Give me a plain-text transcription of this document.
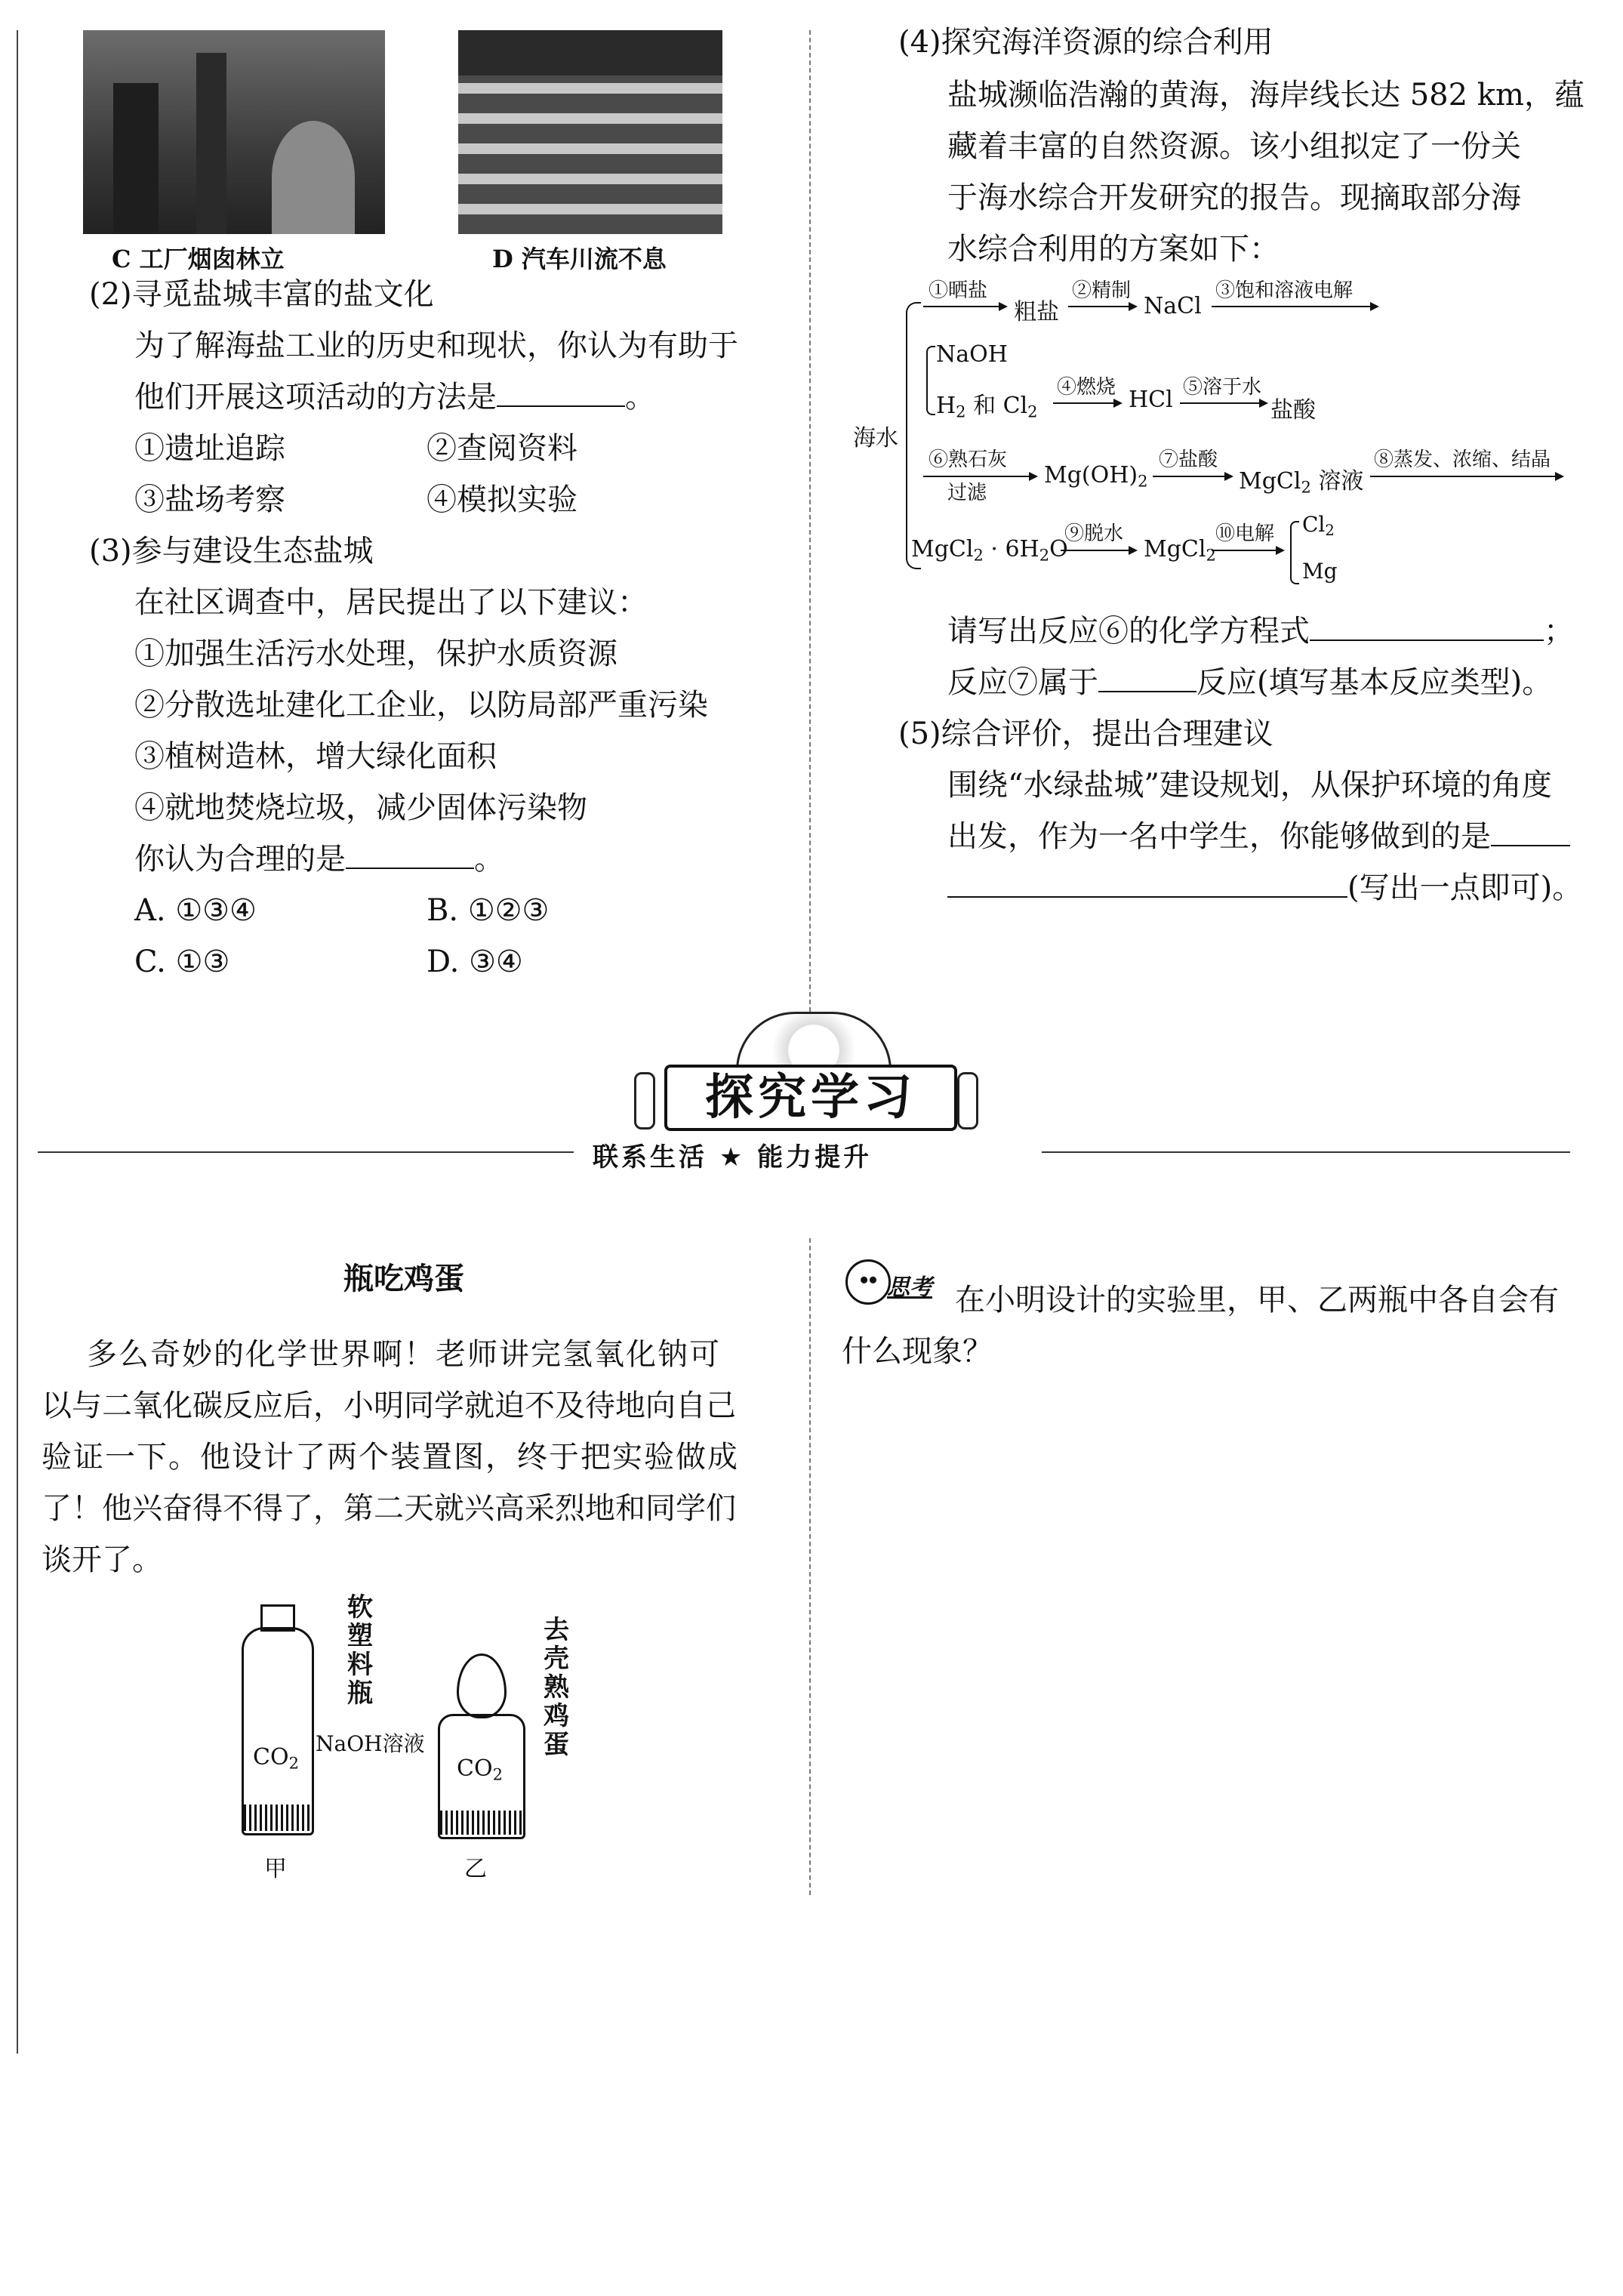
C 工厂烟囱林立	D 汽车川流不息
(2)寻觅盐城丰富的盐文化
为了解海盐工业的历史和现状，你认为有助于
他们开展这项活动的方法是	。
①遗址追踪	②查阅资料
③盐场考察	④模拟实验
(3)参与建设生态盐城
在社区调查中，居民提出了以下建议：
①加强生活污水处理，保护水质资源
②分散选址建化工企业，以防局部严重污染
③植树造林，增大绿化面积
④就地焚烧垃圾，减少固体污染物
你认为合理的是	。
A. ①③④	B. ①②③
C. ①③	D. ③④
(4)探究海洋资源的综合利用
盐城濒临浩瀚的黄海，海岸线长达 582 km，蕴
藏着丰富的自然资源。该小组拟定了一份关
于海水综合开发研究的报告。现摘取部分海
水综合利用的方案如下：
海水
①晒盐
粗盐
②精制
NaCl
③饱和溶液电解
NaOH
$H_2$ 和 $Cl_2$
④燃烧 HCl ⑤溶于水
盐酸
⑥熟石灰
过滤
$Mg(OH)_2$
⑦盐酸
MgCl$_2$ 溶液
⑧蒸发、浓缩、结晶
MgCl$_2$ · $6H_2O$
⑨脱水
MgCl$_2$
⑩电解 $Cl_2$
Mg
请写出反应⑥的化学方程式	；
反应⑦属于	反应(填写基本反应类型)。
(5)综合评价，提出合理建议
围绕“水绿盐城”建设规划，从保护环境的角度
出发，作为一名中学生，你能够做到的是
(写出一点即可)。
探究学习
联系生活 ★ 能力提升
瓶吃鸡蛋
多么奇妙的化学世界啊！老师讲完氢氧化钠可
以与二氧化碳反应后，小明同学就迫不及待地向自己
验证一下。他设计了两个装置图，终于把实验做成
了！他兴奋得不得了，第二天就兴高采烈地和同学们
谈开了。
$CO_2$
软
塑
料
瓶
NaOH溶液
$CO_2$
去
壳
熟
鸡
蛋
甲	乙
思考 在小明设计的实验里，甲、乙两瓶中各自会有
什么现象？
